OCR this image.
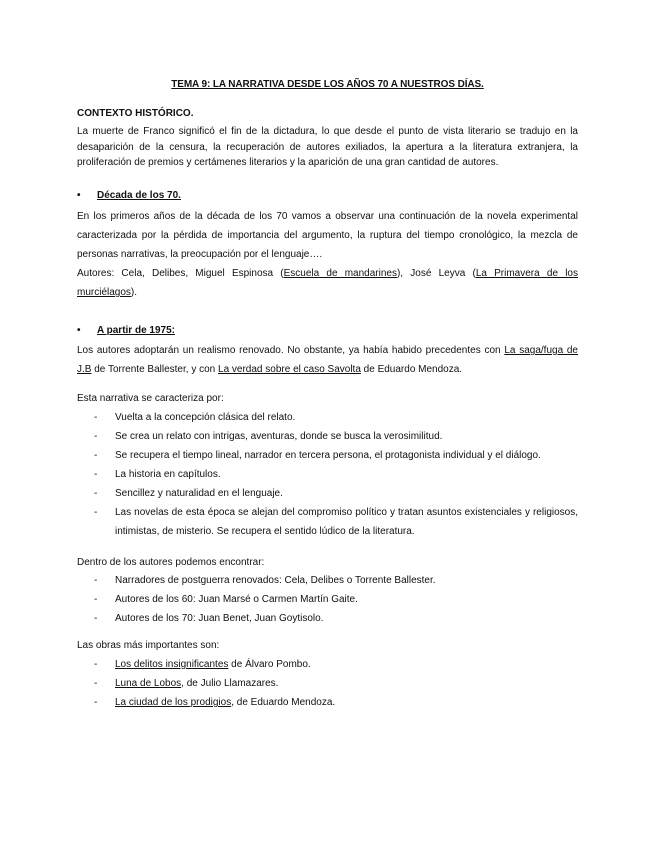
TEMA 9: LA NARRATIVA DESDE LOS AÑOS 70 A NUESTROS DÍAS.
CONTEXTO HISTÓRICO.

La muerte de Franco significó el fin de la dictadura, lo que desde el punto de vista literario se tradujo en la desaparición de la censura, la recuperación de autores exiliados, la apertura a la literatura extranjera, la proliferación de premios y certámenes literarios y la aparición de una gran cantidad de autores.

• Década de los 70.

En los primeros años de la década de los 70 vamos a observar una continuación de la novela experimental caracterizada por la pérdida de importancia del argumento, la ruptura del tiempo cronológico, la mezcla de personas narrativas, la preocupación por el lenguaje….

Autores: Cela, Delibes, Miguel Espinosa (Escuela de mandarines), José Leyva (La Primavera de los murciélagos).

• A partir de 1975:

Los autores adoptarán un realismo renovado. No obstante, ya había habido precedentes con La saga/fuga de J.B de Torrente Ballester, y con La verdad sobre el caso Savolta de Eduardo Mendoza.

Esta narrativa se caracteriza por:

- Vuelta a la concepción clásica del relato.
- Se crea un relato con intrigas, aventuras, donde se busca la verosimilitud.
- Se recupera el tiempo lineal, narrador en tercera persona, el protagonista individual y el diálogo.
- La historia en capítulos.
- Sencillez y naturalidad en el lenguaje.
- Las novelas de esta época se alejan del compromiso político y tratan asuntos existenciales y religiosos, intimistas, de misterio. Se recupera el sentido lúdico de la literatura.

Dentro de los autores podemos encontrar:

- Narradores de postguerra renovados: Cela, Delibes o Torrente Ballester.
- Autores de los 60: Juan Marsé o Carmen Martín Gaite.
- Autores de los 70: Juan Benet, Juan Goytisolo.

Las obras más importantes son:

- Los delitos insignificantes de Álvaro Pombo.
- Luna de Lobos, de Julio Llamazares.
- La ciudad de los prodigios, de Eduardo Mendoza.
